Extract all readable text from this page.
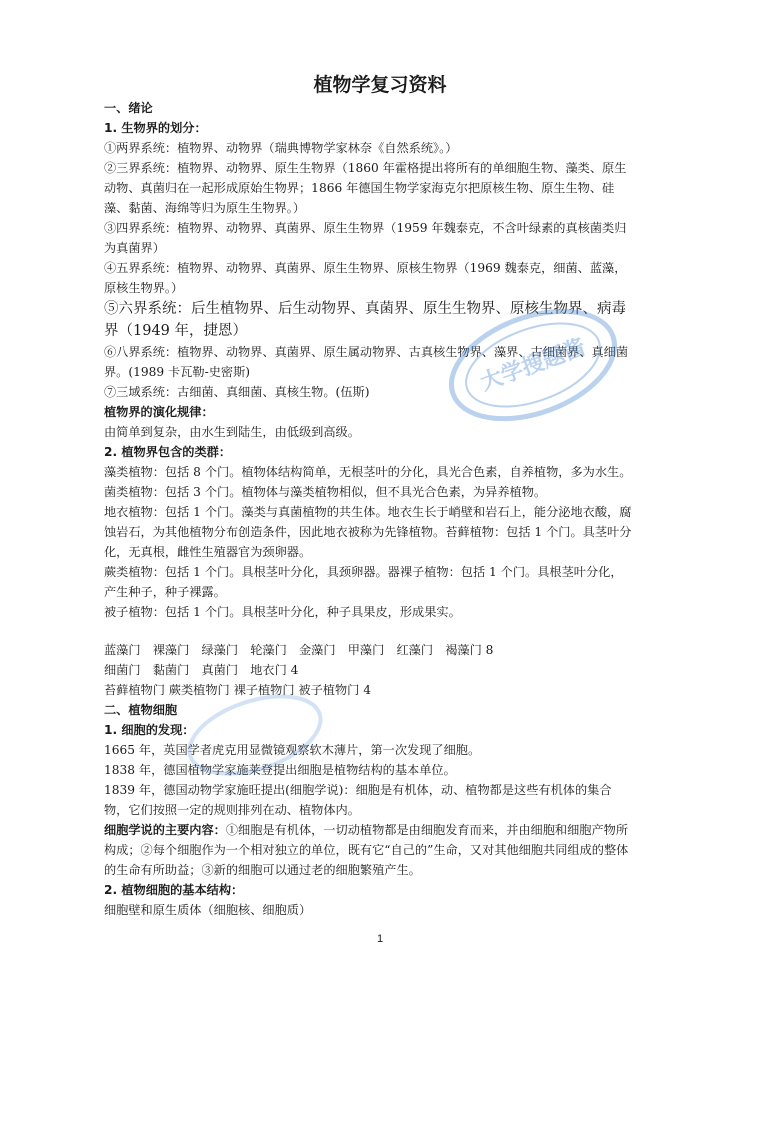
植物学复习资料

一、绪论

1. 生物界的划分：

①两界系统：植物界、动物界（瑞典博物学家林奈《自然系统》。）

②三界系统：植物界、动物界、原生生物界（1860 年霍格提出将所有的单细胞生物、藻类、原生动物、真菌归在一起形成原始生物界；1866 年德国生物学家海克尔把原核生物、原生生物、硅藻、黏菌、海绵等归为原生生物界。）

③四界系统：植物界、动物界、真菌界、原生生物界（1959 年魏泰克，不含叶绿素的真核菌类归为真菌界）

④五界系统：植物界、动物界、真菌界、原生生物界、原核生物界（1969 魏泰克，细菌、蓝藻，原核生物界。）

⑤六界系统：后生植物界、后生动物界、真菌界、原生生物界、原核生物界、病毒界（1949 年，捷恩）

⑥八界系统：植物界、动物界、真菌界、原生属动物界、古真核生物界、藻界、古细菌界、真细菌界。(1989 卡瓦勒-史密斯)

⑦三域系统：古细菌、真细菌、真核生物。(伍斯)

植物界的演化规律：

由简单到复杂，由水生到陆生，由低级到高级。

2. 植物界包含的类群：

藻类植物：包括 8 个门。植物体结构简单，无根茎叶的分化，具光合色素，自养植物，多为水生。

菌类植物：包括 3 个门。植物体与藻类植物相似，但不具光合色素，为异养植物。

地衣植物：包括 1 个门。藻类与真菌植物的共生体。地衣生长于峭壁和岩石上，能分泌地衣酸，腐蚀岩石，为其他植物分布创造条件，因此地衣被称为先锋植物。苔藓植物：包括 1 个门。具茎叶分化，无真根，雌性生殖器官为颈卵器。

蕨类植物：包括 1 个门。具根茎叶分化，具颈卵器。器裸子植物：包括 1 个门。具根茎叶分化，产生种子，种子裸露。

被子植物：包括 1 个门。具根茎叶分化，种子具果皮，形成果实。

蓝藻门　裸藻门　绿藻门　轮藻门　金藻门　甲藻门　红藻门　褐藻门 8

细菌门　黏菌门　真菌门　地衣门 4

苔藓植物门 蕨类植物门 裸子植物门 被子植物门 4

二、植物细胞

1. 细胞的发现：

1665 年，英国学者虎克用显微镜观察软木薄片，第一次发现了细胞。

1838 年，德国植物学家施莱登提出细胞是植物结构的基本单位。

1839 年，德国动物学家施旺提出(细胞学说)：细胞是有机体，动、植物都是这些有机体的集合物，它们按照一定的规则排列在动、植物体内。

细胞学说的主要内容：①细胞是有机体，一切动植物都是由细胞发育而来，并由细胞和细胞产物所构成；②每个细胞作为一个相对独立的单位，既有它“自己的”生命，又对其他细胞共同组成的整体的生命有所助益；③新的细胞可以通过老的细胞繁殖产生。

2. 植物细胞的基本结构：

细胞壁和原生质体（细胞核、细胞质）

1
大学搜题酱
